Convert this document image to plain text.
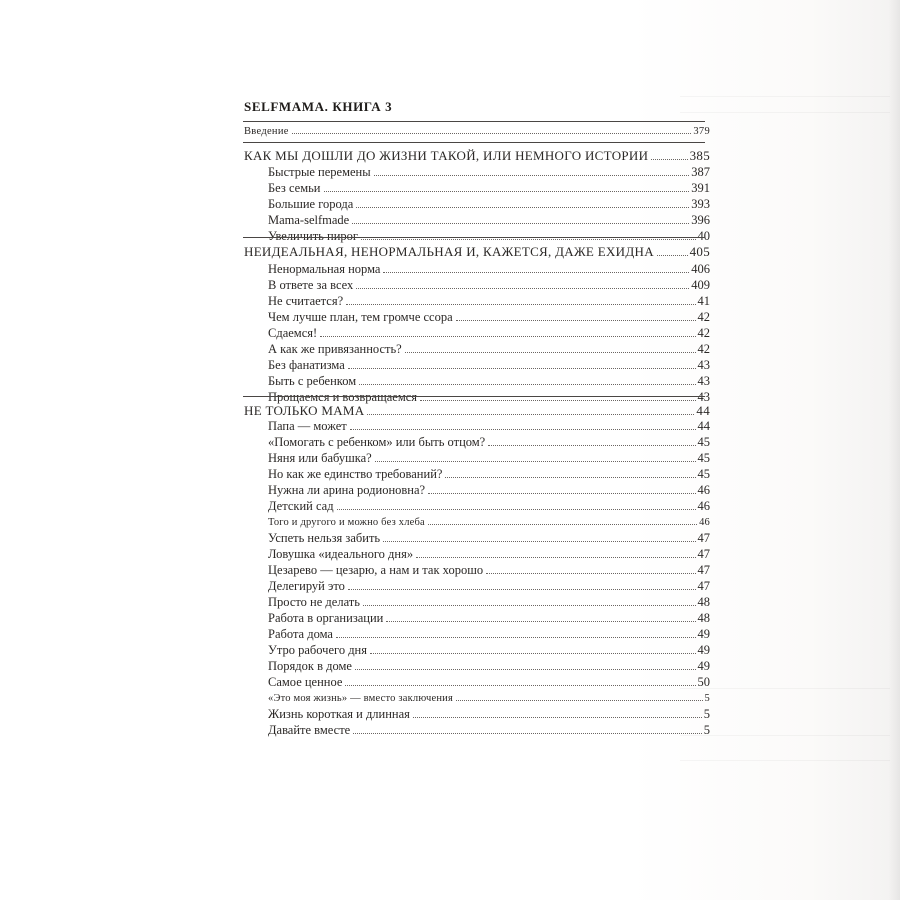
SELFMAMA. КНИГА 3
Введение	379
КАК МЫ ДОШЛИ ДО ЖИЗНИ ТАКОЙ, ИЛИ НЕМНОГО ИСТОРИИ	385
Быстрые перемены	387
Без семьи	391
Большие города	393
Mama-selfmade	396
Увеличить пирог	40
НЕИДЕАЛЬНАЯ, НЕНОРМАЛЬНАЯ И, КАЖЕТСЯ, ДАЖЕ ЕХИДНА	405
Ненормальная норма	406
В ответе за всех	409
Не считается?	41
Чем лучше план, тем громче ссора	42
Сдаемся!	42
А как же привязанность?	42
Без фанатизма	43
Быть с ребенком	43
Прощаемся и возвращаемся	43
НЕ ТОЛЬКО МАМА	44
Папа — может	44
«Помогать с ребенком» или быть отцом?	45
Няня или бабушка?	45
Но как же единство требований?	45
Нужна ли арина родионовна?	46
Детский сад	46
Того и другого и можно без хлеба	46
Успеть нельзя забить	47
Ловушка «идеального дня»	47
Цезарево — цезарю, а нам и так хорошо	47
Делегируй это	47
Просто не делать	48
Работа в организации	48
Работа дома	49
Утро рабочего дня	49
Порядок в доме	49
Самое ценное	50
«Это моя жизнь» — вместо заключения	5
Жизнь короткая и длинная	5
Давайте вместе	5
